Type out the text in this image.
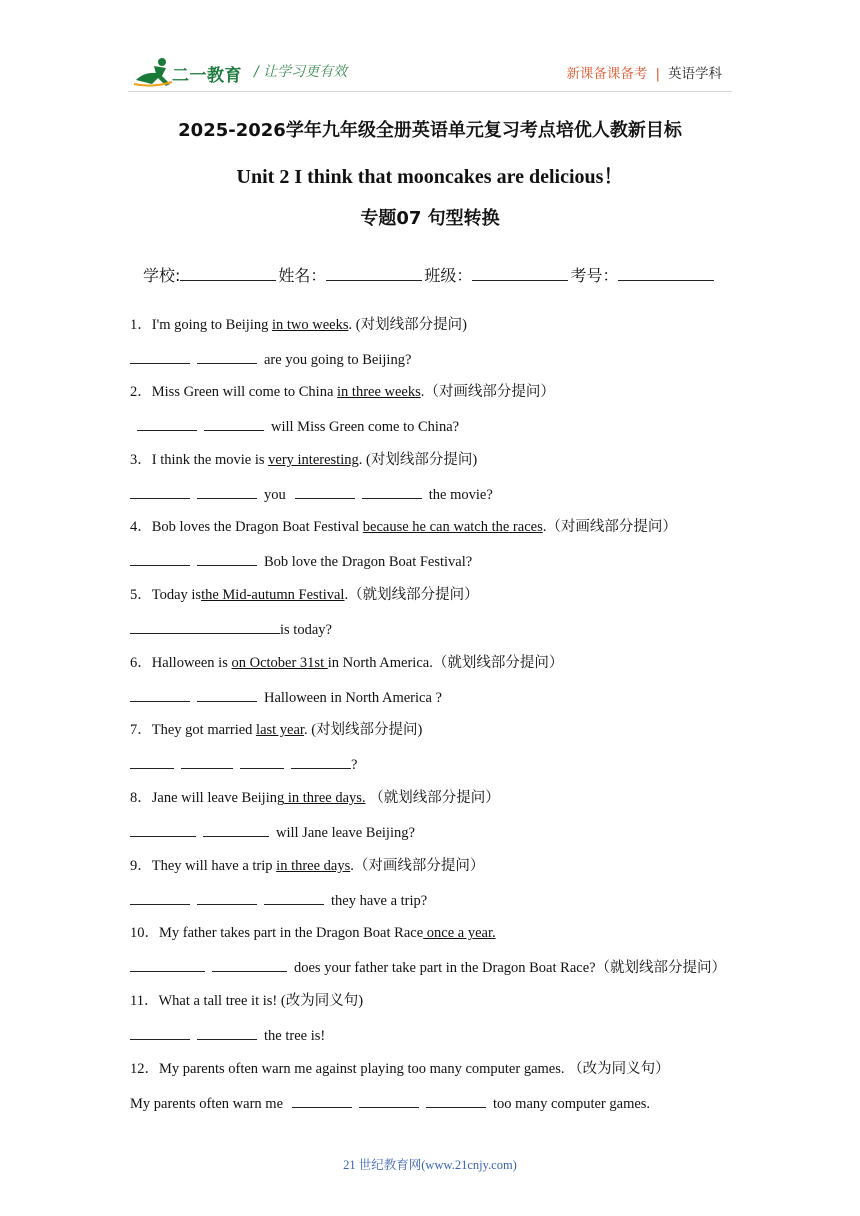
二一教育 / 让学习更有效	新课备课备考 | 英语学科
2025-2026学年九年级全册英语单元复习考点培优人教新目标
Unit 2 I think that mooncakes are delicious！
专题07 句型转换
学校:	姓名：	班级：	考号：
1．I'm going to Beijing in two weeks. (对划线部分提问)
are you going to Beijing?
2．Miss Green will come to China in three weeks.（对画线部分提问）
will Miss Green come to China?
3．I think the movie is very interesting. (对划线部分提问)
you	the movie?
4．Bob loves the Dragon Boat Festival because he can watch the races.（对画线部分提问）
Bob love the Dragon Boat Festival?
5．Today isthe Mid-autumn Festival.（就划线部分提问）
is today?
6．Halloween is on October 31st in North America.（就划线部分提问）
Halloween in North America ?
7．They got married last year. (对划线部分提问)
?
8．Jane will leave Beijing in three days. （就划线部分提问）
will Jane leave Beijing?
9．They will have a trip in three days.（对画线部分提问）
they have a trip?
10．My father takes part in the Dragon Boat Race once a year.
does your father take part in the Dragon Boat Race?（就划线部分提问）
11．What a tall tree it is! (改为同义句)
the tree is!
12．My parents often warn me against playing too many computer games. （改为同义句）
My parents often warn me	too many computer games.
21 世纪教育网(www.21cnjy.com)
